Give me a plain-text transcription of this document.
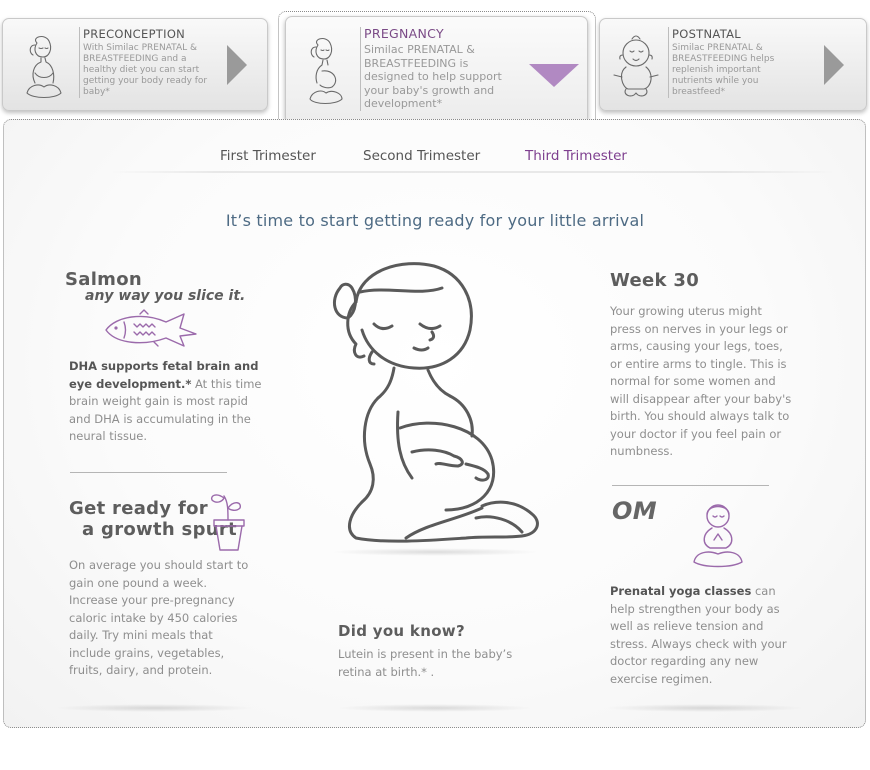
PRECONCEPTION
With Similac PRENATAL & BREASTFEEDING and a healthy diet you can start getting your body ready for baby*
PREGNANCY
Similac PRENATAL & BREASTFEEDING is designed to help support your baby's growth and development*
POSTNATAL
Similac PRENATAL & BREASTFEEDING helps replenish important nutrients while you breastfeed*
First Trimester	Second Trimester	Third Trimester
It’s time to start getting ready for your little arrival
Salmon
any way you slice it.
DHA supports fetal brain and eye development.* At this time brain weight gain is most rapid and DHA is accumulating in the neural tissue.
Get ready for
a growth spurt
On average you should start to gain one pound a week. Increase your pre-pregnancy caloric intake by 450 calories daily. Try mini meals that include grains, vegetables, fruits, dairy, and protein.
Did you know?
Lutein is present in the baby’s retina at birth.* .
Week 30
Your growing uterus might press on nerves in your legs or arms, causing your legs, toes, or entire arms to tingle. This is normal for some women and will disappear after your baby's birth. You should always talk to your doctor if you feel pain or numbness.
OM
Prenatal yoga classes can help strengthen your body as well as relieve tension and stress. Always check with your doctor regarding any new exercise regimen.
